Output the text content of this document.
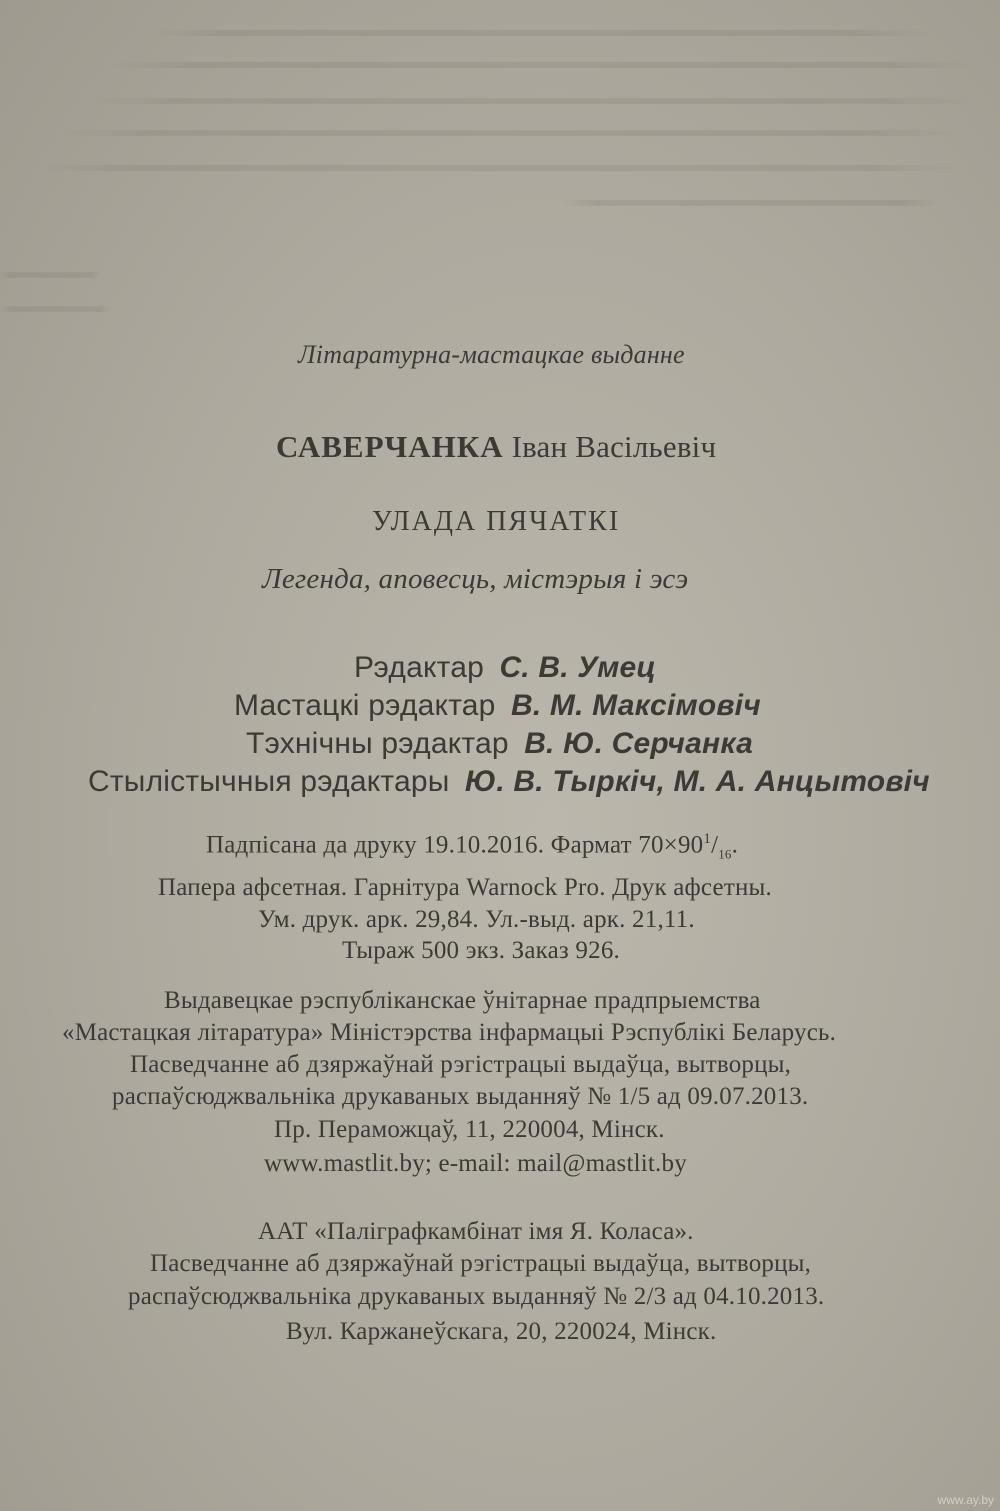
Літаратурна-мастацкае выданне
САВЕРЧАНКА Іван Васільевіч
УЛАДА ПЯЧАТКІ
Легенда, аповесць, містэрыя і эсэ
Рэдактар С. В. Умец
Мастацкі рэдактар В. М. Максімовіч
Тэхнічны рэдактар В. Ю. Серчанка
Стылістычныя рэдактары Ю. В. Тыркіч, М. А. Анцытовіч
Падпісана да друку 19.10.2016. Фармат $70\times 90^1/_{16}$.
Папера афсетная. Гарнітура Warnock Pro. Друк афсетны.
Ум. друк. арк. 29,84. Ул.-выд. арк. 21,11.
Тыраж 500 экз. Заказ 926.
Выдавецкае рэспубліканскае ўнітарнае прадпрыемства
«Мастацкая літаратура» Міністэрства інфармацыі Рэспублікі Беларусь.
Пасведчанне аб дзяржаўнай рэгістрацыі выдаўца, вытворцы,
распаўсюджвальніка друкаваных выданняў № 1/5 ад 09.07.2013.
Пр. Пераможцаў, 11, 220004, Мінск.
www.mastlit.by; e-mail: mail@mastlit.by
ААТ «Паліграфкамбінат імя Я. Коласа».
Пасведчанне аб дзяржаўнай рэгістрацыі выдаўца, вытворцы,
распаўсюджвальніка друкаваных выданняў № 2/3 ад 04.10.2013.
Вул. Каржанеўскага, 20, 220024, Мінск.
www.ay.by
